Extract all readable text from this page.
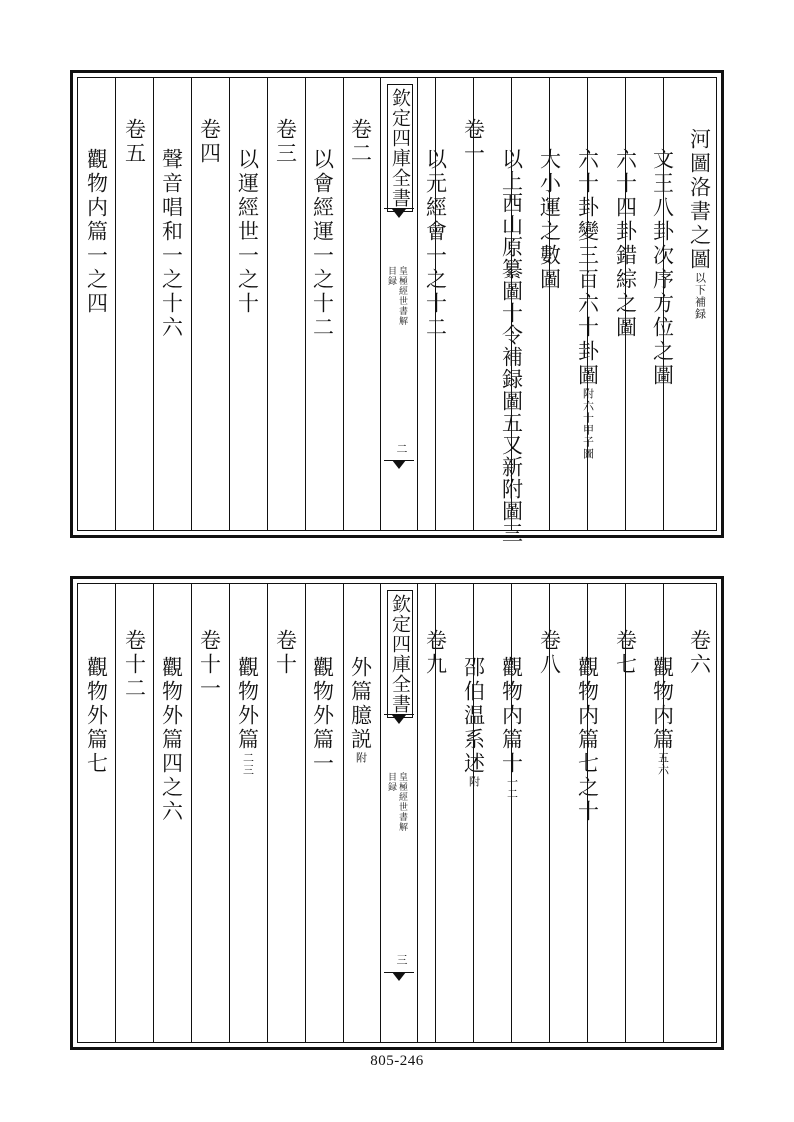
河圖洛書之圖以下補録
文王八卦次序方位之圖
六十四卦錯綜之圖
六十卦變三百六十卦圖附六十甲子圖
大小運之數圖
以上西山原纂圖十令補録圖五又新附圖三
卷一
以元經會一之十二
欽定四庫全書
皇極經世書解
目録
二
卷二
以會經運一之十二
卷三
以運經世一之十
卷四
聲音唱和一之十六
卷五
觀物内篇一之四
卷六
觀物内篇五六
卷七
觀物内篇七之十
卷八
觀物内篇十一二
邵伯温系述附
卷九
欽定四庫全書
皇極經世書解
目録
三
外篇臆説附
觀物外篇一
卷十
觀物外篇二三
卷十一
觀物外篇四之六
卷十二
觀物外篇七
805-246
